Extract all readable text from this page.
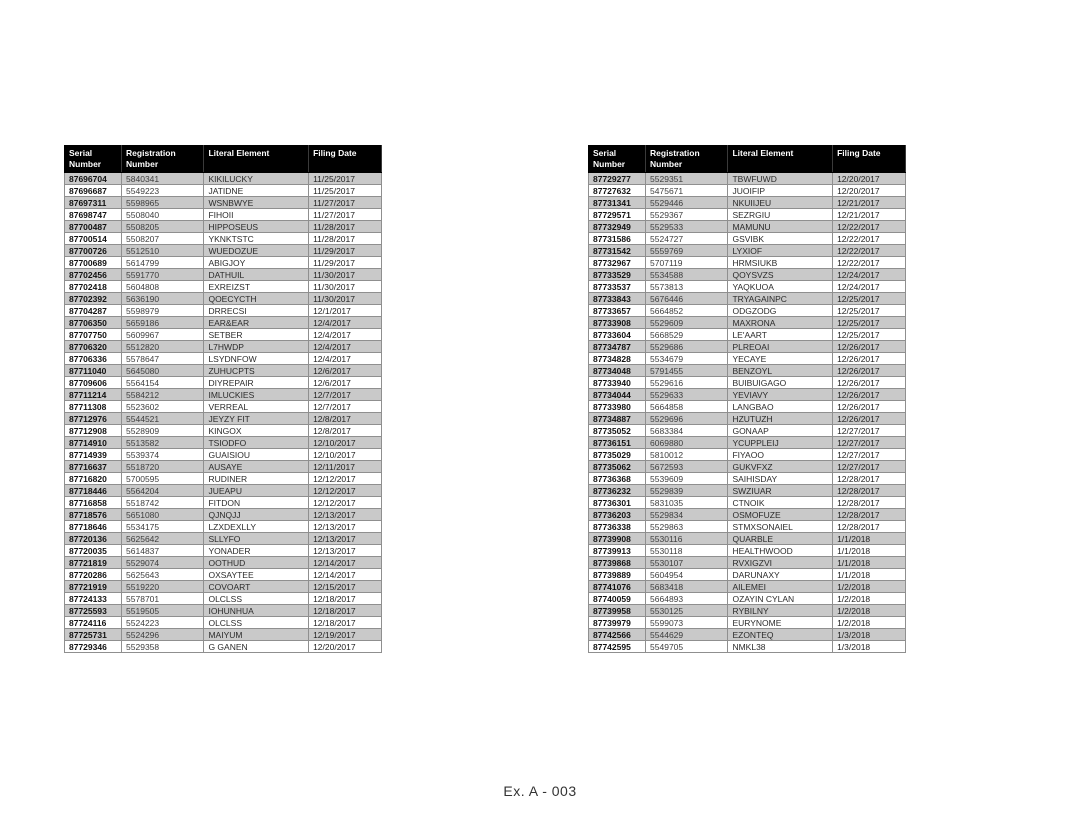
Serial Number	Registration Number	Literal Element	Filing Date
87696704	5840341	KIKILUCKY	11/25/2017
87696687	5549223	JATIDNE	11/25/2017
87697311	5598965	WSNBWYE	11/27/2017
87698747	5508040	FIHOII	11/27/2017
87700487	5508205	HIPPOSEUS	11/28/2017
87700514	5508207	YKNKTSTC	11/28/2017
87700726	5512510	WUEDOZUE	11/29/2017
87700689	5614799	ABIGJOY	11/29/2017
87702456	5591770	DATHUIL	11/30/2017
87702418	5604808	EXREIZST	11/30/2017
87702392	5636190	QOECYCTH	11/30/2017
87704287	5598979	DRRECSI	12/1/2017
87706350	5659186	EAR&EAR	12/4/2017
87707750	5609967	SETBER	12/4/2017
87706320	5512820	L7HWDP	12/4/2017
87706336	5578647	LSYDNFOW	12/4/2017
87711040	5645080	ZUHUCPTS	12/6/2017
87709606	5564154	DIYREPAIR	12/6/2017
87711214	5584212	IMLUCKIES	12/7/2017
87711308	5523602	VERREAL	12/7/2017
87712976	5544521	JEYZY FIT	12/8/2017
87712908	5528909	KINGOX	12/8/2017
87714910	5513582	TSIODFO	12/10/2017
87714939	5539374	GUAISIOU	12/10/2017
87716637	5518720	AUSAYE	12/11/2017
87716820	5700595	RUDINER	12/12/2017
87718446	5564204	JUEAPU	12/12/2017
87716858	5518742	FITDON	12/12/2017
87718576	5651080	QJNQJJ	12/13/2017
87718646	5534175	LZXDEXLLY	12/13/2017
87720136	5625642	SLLYFO	12/13/2017
87720035	5614837	YONADER	12/13/2017
87721819	5529074	OOTHUD	12/14/2017
87720286	5625643	OXSAYTEE	12/14/2017
87721919	5519220	COVOART	12/15/2017
87724133	5578701	OLCLSS	12/18/2017
87725593	5519505	IOHUNHUA	12/18/2017
87724116	5524223	OLCLSS	12/18/2017
87725731	5524296	MAIYUM	12/19/2017
87729346	5529358	G GANEN	12/20/2017
Serial Number	Registration Number	Literal Element	Filing Date
87729277	5529351	TBWFUWD	12/20/2017
87727632	5475671	JUOIFIP	12/20/2017
87731341	5529446	NKUIIJEU	12/21/2017
87729571	5529367	SEZRGIU	12/21/2017
87732949	5529533	MAMUNU	12/22/2017
87731586	5524727	GSVIBK	12/22/2017
87731542	5559769	LYXIOF	12/22/2017
87732967	5707119	HRMSIUKB	12/22/2017
87733529	5534588	QOYSVZS	12/24/2017
87733537	5573813	YAQKUOA	12/24/2017
87733843	5676446	TRYAGAINPC	12/25/2017
87733657	5664852	ODGZODG	12/25/2017
87733908	5529609	MAXRONA	12/25/2017
87733604	5668529	LE'AART	12/25/2017
87734787	5529686	PLREOAI	12/26/2017
87734828	5534679	YECAYE	12/26/2017
87734048	5791455	BENZOYL	12/26/2017
87733940	5529616	BUIBUIGAGO	12/26/2017
87734044	5529633	YEVIAVY	12/26/2017
87733980	5664858	LANGBAO	12/26/2017
87734887	5529696	HZUTUZH	12/26/2017
87735052	5683384	GONAAP	12/27/2017
87736151	6069880	YCUPPLEIJ	12/27/2017
87735029	5810012	FIYAOO	12/27/2017
87735062	5672593	GUKVFXZ	12/27/2017
87736368	5539609	SAIHISDAY	12/28/2017
87736232	5529839	SWZIUAR	12/28/2017
87736301	5831035	CTNOIK	12/28/2017
87736203	5529834	OSMOFUZE	12/28/2017
87736338	5529863	STMXSONAIEL	12/28/2017
87739908	5530116	QUARBLE	1/1/2018
87739913	5530118	HEALTHWOOD	1/1/2018
87739868	5530107	RVXIGZVI	1/1/2018
87739889	5604954	DARUNAXY	1/1/2018
87741076	5683418	AILEMEI	1/2/2018
87740059	5664893	OZAYIN CYLAN	1/2/2018
87739958	5530125	RYBILNY	1/2/2018
87739979	5599073	EURYNOME	1/2/2018
87742566	5544629	EZONTEQ	1/3/2018
87742595	5549705	NMKL38	1/3/2018
Ex. A - 003
